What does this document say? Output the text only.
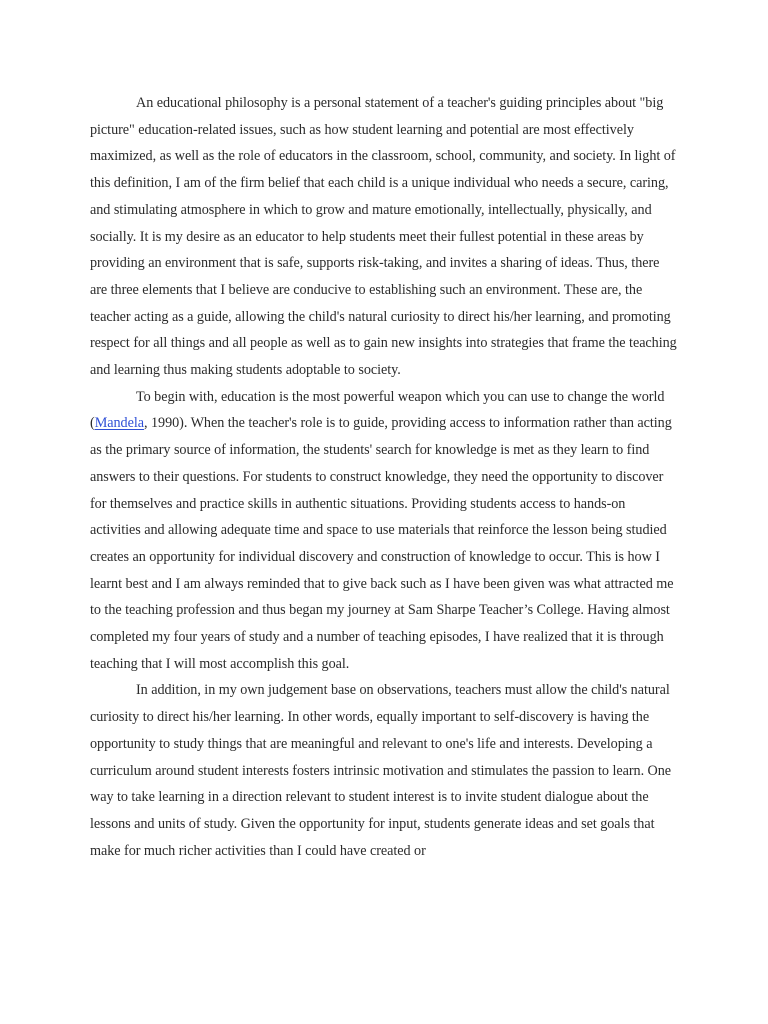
An educational philosophy is a personal statement of a teacher's guiding principles about "big picture" education-related issues, such as how student learning and potential are most effectively maximized, as well as the role of educators in the classroom, school, community, and society. In light of this definition, I am of the firm belief that each child is a unique individual who needs a secure, caring, and stimulating atmosphere in which to grow and mature emotionally, intellectually, physically, and socially. It is my desire as an educator to help students meet their fullest potential in these areas by providing an environment that is safe, supports risk-taking, and invites a sharing of ideas. Thus, there are three elements that I believe are conducive to establishing such an environment. These are, the teacher acting as a guide, allowing the child's natural curiosity to direct his/her learning, and promoting respect for all things and all people as well as to gain new insights into strategies that frame the teaching and learning thus making students adoptable to society.

To begin with, education is the most powerful weapon which you can use to change the world (Mandela, 1990). When the teacher's role is to guide, providing access to information rather than acting as the primary source of information, the students' search for knowledge is met as they learn to find answers to their questions. For students to construct knowledge, they need the opportunity to discover for themselves and practice skills in authentic situations. Providing students access to hands-on activities and allowing adequate time and space to use materials that reinforce the lesson being studied creates an opportunity for individual discovery and construction of knowledge to occur. This is how I learnt best and I am always reminded that to give back such as I have been given was what attracted me to the teaching profession and thus began my journey at Sam Sharpe Teacher’s College. Having almost completed my four years of study and a number of teaching episodes, I have realized that it is through teaching that I will most accomplish this goal.

In addition, in my own judgement base on observations, teachers must allow the child's natural curiosity to direct his/her learning. In other words, equally important to self-discovery is having the opportunity to study things that are meaningful and relevant to one's life and interests. Developing a curriculum around student interests fosters intrinsic motivation and stimulates the passion to learn. One way to take learning in a direction relevant to student interest is to invite student dialogue about the lessons and units of study. Given the opportunity for input, students generate ideas and set goals that make for much richer activities than I could have created or
